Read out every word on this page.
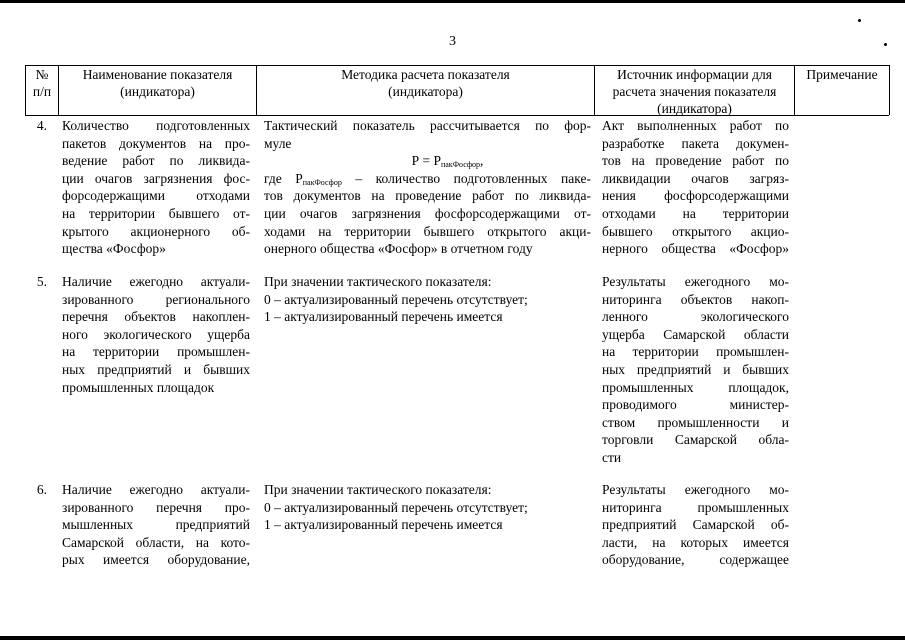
3
№
п/п
Наименование показателя
(индикатора)
Методика расчета показателя
(индикатора)
Источник информации для
расчета значения показателя
(индикатора)
Примечание
4. Количество подготовленных
пакетов документов на про-
ведение работ по ликвида-
ции очагов загрязнения фос-
форсодержащими отходами
на территории бывшего от-
крытого акционерного об-
щества «Фосфор»
Тактический показатель рассчитывается по фор-
муле
$Р = Р_{пакФосфор}$,
где $Р_{пакФосфор}$ – количество подготовленных паке-
тов документов на проведение работ по ликвида-
ции очагов загрязнения фосфорсодержащими от-
ходами на территории бывшего открытого акци-
онерного общества «Фосфор» в отчетном году
Акт выполненных работ по
разработке пакета докумен-
тов на проведение работ по
ликвидации очагов загряз-
нения фосфорсодержащими
отходами на территории
бывшего открытого акцио-
нерного общества «Фосфор»
5. Наличие ежегодно актуали-
зированного регионального
перечня объектов накоплен-
ного экологического ущерба
на территории промышлен-
ных предприятий и бывших
промышленных площадок
При значении тактического показателя:
0 – актуализированный перечень отсутствует;
1 – актуализированный перечень имеется
Результаты ежегодного мо-
ниторинга объектов накоп-
ленного экологического
ущерба Самарской области
на территории промышлен-
ных предприятий и бывших
промышленных площадок,
проводимого министер-
ством промышленности и
торговли Самарской обла-
сти
6. Наличие ежегодно актуали-
зированного перечня про-
мышленных предприятий
Самарской области, на кото-
рых имеется оборудование,
При значении тактического показателя:
0 – актуализированный перечень отсутствует;
1 – актуализированный перечень имеется
Результаты ежегодного мо-
ниторинга промышленных
предприятий Самарской об-
ласти, на которых имеется
оборудование, содержащее
